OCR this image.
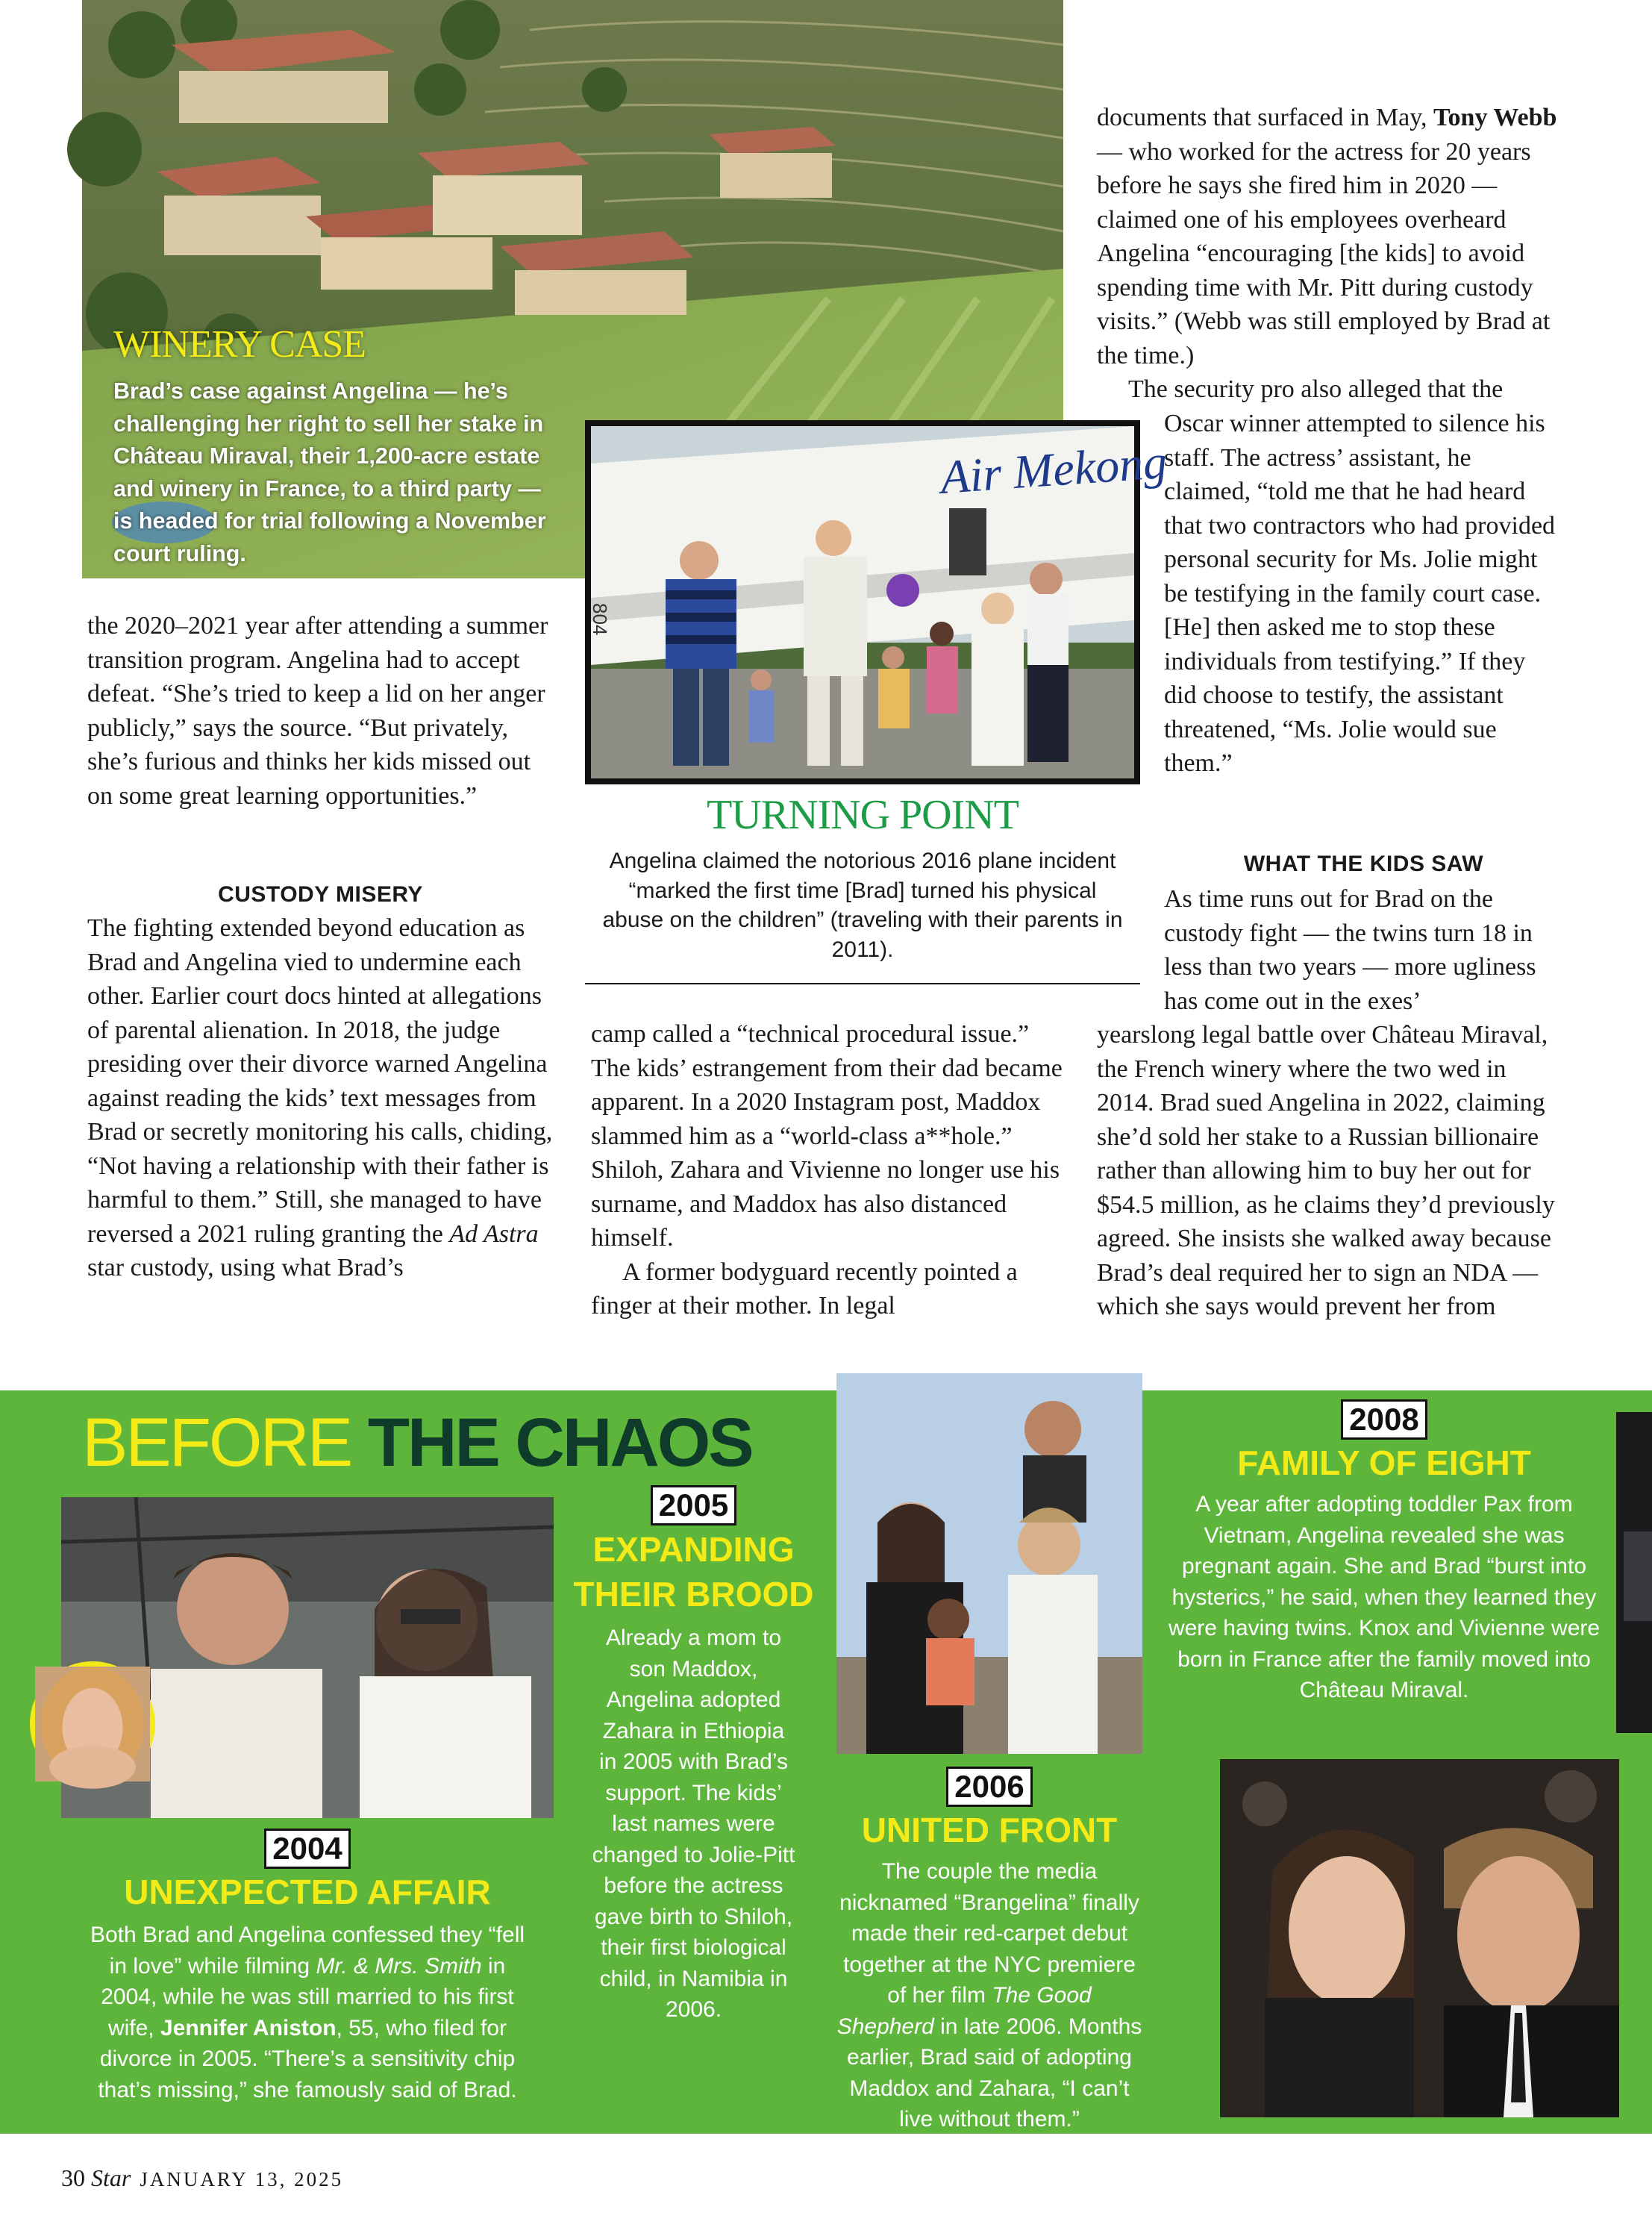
WINERY CASE
Brad’s case against Angelina — he’s challenging her right to sell her stake in Château Miraval, their 1,200-acre estate and winery in France, to a third party — is headed for trial following a November court ruling.
Air Mekong
804
TURNING POINT
Angelina claimed the notorious 2016 plane incident “marked the first time [Brad] turned his physical abuse on the children” (traveling with their parents in 2011).

the 2020–2021 year after attending a summer transition program. Angelina had to accept defeat. “She’s tried to keep a lid on her anger publicly,” says the source. “But privately, she’s furious and thinks her kids missed out on some great learning opportunities.”

CUSTODY MISERY

The fighting extended beyond education as Brad and Angelina vied to undermine each other. Earlier court docs hinted at allegations of parental alienation. In 2018, the judge presiding over their divorce warned Angelina against reading the kids’ text messages from Brad or secretly monitoring his calls, chiding, “Not having a relationship with their father is harmful to them.” Still, she managed to have reversed a 2021 ruling granting the Ad Astra star custody, using what Brad’s

camp called a “technical procedural issue.” The kids’ estrangement from their dad became apparent. In a 2020 Instagram post, Maddox slammed him as a “world-class a**hole.” Shiloh, Zahara and Vivienne no longer use his surname, and Maddox has also distanced himself.

A former bodyguard recently pointed a finger at their mother. In legal

documents that surfaced in May, Tony Webb — who worked for the actress for 20 years before he says she fired him in 2020 — claimed one of his employees overheard Angelina “encouraging [the kids] to avoid spending time with Mr. Pitt during custody visits.” (Webb was still employed by Brad at the time.)

The security pro also alleged that the

Oscar winner attempted to silence his staff. The actress’ assistant, he claimed, “told me that he had heard that two contractors who had provided personal security for Ms. Jolie might be testifying in the family court case. [He] then asked me to stop these individuals from testifying.” If they did choose to testify, the assistant threatened, “Ms. Jolie would sue them.”
WHAT THE KIDS SAW
As time runs out for Brad on the custody fight — the twins turn 18 in less than two years — more ugliness has come out in the exes’
yearslong legal battle over Château Miraval, the French winery where the two wed in 2014. Brad sued Angelina in 2022, claiming she’d sold her stake to a Russian billionaire rather than allowing him to buy her out for $54.5 million, as he claims they’d previously agreed. She insists she walked away because Brad’s deal required her to sign an NDA — which she says would prevent her from
BEFORE THE CHAOS
2004
UNEXPECTED AFFAIR
Both Brad and Angelina confessed they “fell in love” while filming Mr. & Mrs. Smith in 2004, while he was still married to his first wife, Jennifer Aniston, 55, who filed for divorce in 2005. “There’s a sensitivity chip that’s missing,” she famously said of Brad.
2005
EXPANDING THEIR BROOD
Already a mom to son Maddox, Angelina adopted Zahara in Ethiopia in 2005 with Brad’s support. The kids’ last names were changed to Jolie-Pitt before the actress gave birth to Shiloh, their first biological child, in Namibia in 2006.
2008
FAMILY OF EIGHT
A year after adopting toddler Pax from Vietnam, Angelina revealed she was pregnant again. She and Brad “burst into hysterics,” he said, when they learned they were having twins. Knox and Vivienne were born in France after the family moved into Château Miraval.
2006
UNITED FRONT
The couple the media nicknamed “Brangelina” finally made their red-carpet debut together at the NYC premiere of her film The Good Shepherd in late 2006. Months earlier, Brad said of adopting Maddox and Zahara, “I can’t live without them.”
30 Star JANUARY 13, 2025
